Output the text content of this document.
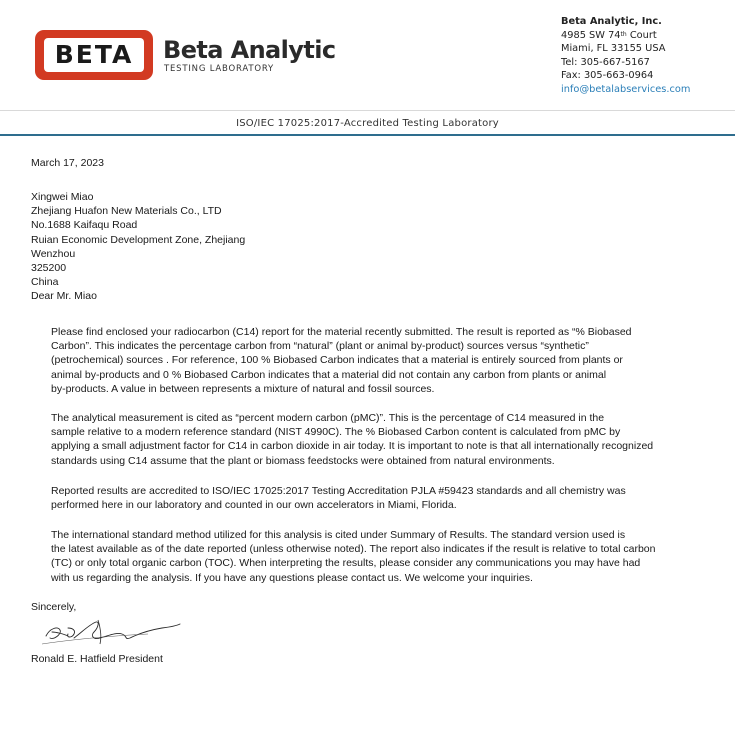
BETA	Beta Analytic
TESTING LABORATORY
Beta Analytic, Inc.
4985 SW 74th Court
Miami, FL 33155 USA
Tel: 305-667-5167
Fax: 305-663-0964
info@betalabservices.com
ISO/IEC 17025:2017-Accredited Testing Laboratory
March 17, 2023
Xingwei Miao
Zhejiang Huafon New Materials Co., LTD
No.1688 Kaifaqu Road
Ruian Economic Development Zone, Zhejiang
Wenzhou
325200
China
Dear Mr. Miao
Please find enclosed your radiocarbon (C14) report for the material recently submitted. The result is reported as “% Biobased
Carbon”. This indicates the percentage carbon from “natural” (plant or animal by-product) sources versus “synthetic”
(petrochemical) sources . For reference, 100 % Biobased Carbon indicates that a material is entirely sourced from plants or
animal by-products and 0 % Biobased Carbon indicates that a material did not contain any carbon from plants or animal
by-products. A value in between represents a mixture of natural and fossil sources.
The analytical measurement is cited as “percent modern carbon (pMC)”. This is the percentage of C14 measured in the
sample relative to a modern reference standard (NIST 4990C). The % Biobased Carbon content is calculated from pMC by
applying a small adjustment factor for C14 in carbon dioxide in air today. It is important to note is that all internationally recognized
standards using C14 assume that the plant or biomass feedstocks were obtained from natural environments.
Reported results are accredited to ISO/IEC 17025:2017 Testing Accreditation PJLA #59423 standards and all chemistry was
performed here in our laboratory and counted in our own accelerators in Miami, Florida.
The international standard method utilized for this analysis is cited under Summary of Results. The standard version used is
the latest available as of the date reported (unless otherwise noted). The report also indicates if the result is relative to total carbon
(TC) or only total organic carbon (TOC). When interpreting the results, please consider any communications you may have had
with us regarding the analysis. If you have any questions please contact us. We welcome your inquiries.
Sincerely,
Ronald E. Hatfield President
